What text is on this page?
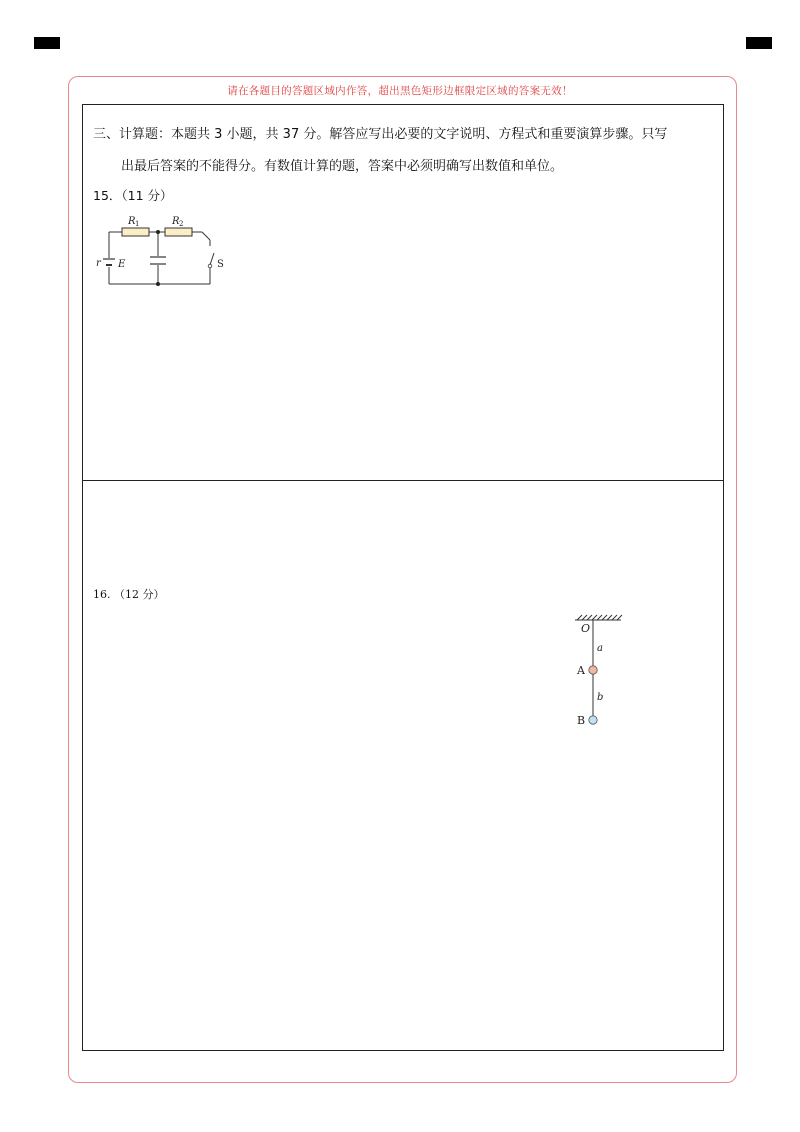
请在各题目的答题区域内作答，超出黑色矩形边框限定区域的答案无效！
三、计算题：本题共 3 小题，共 37 分。解答应写出必要的文字说明、方程式和重要演算步骤。只写
出最后答案的不能得分。有数值计算的题，答案中必须明确写出数值和单位。
15．（11 分）
R 1	R 2
r E	S
16. （12 分）
O
a
A
b
B
